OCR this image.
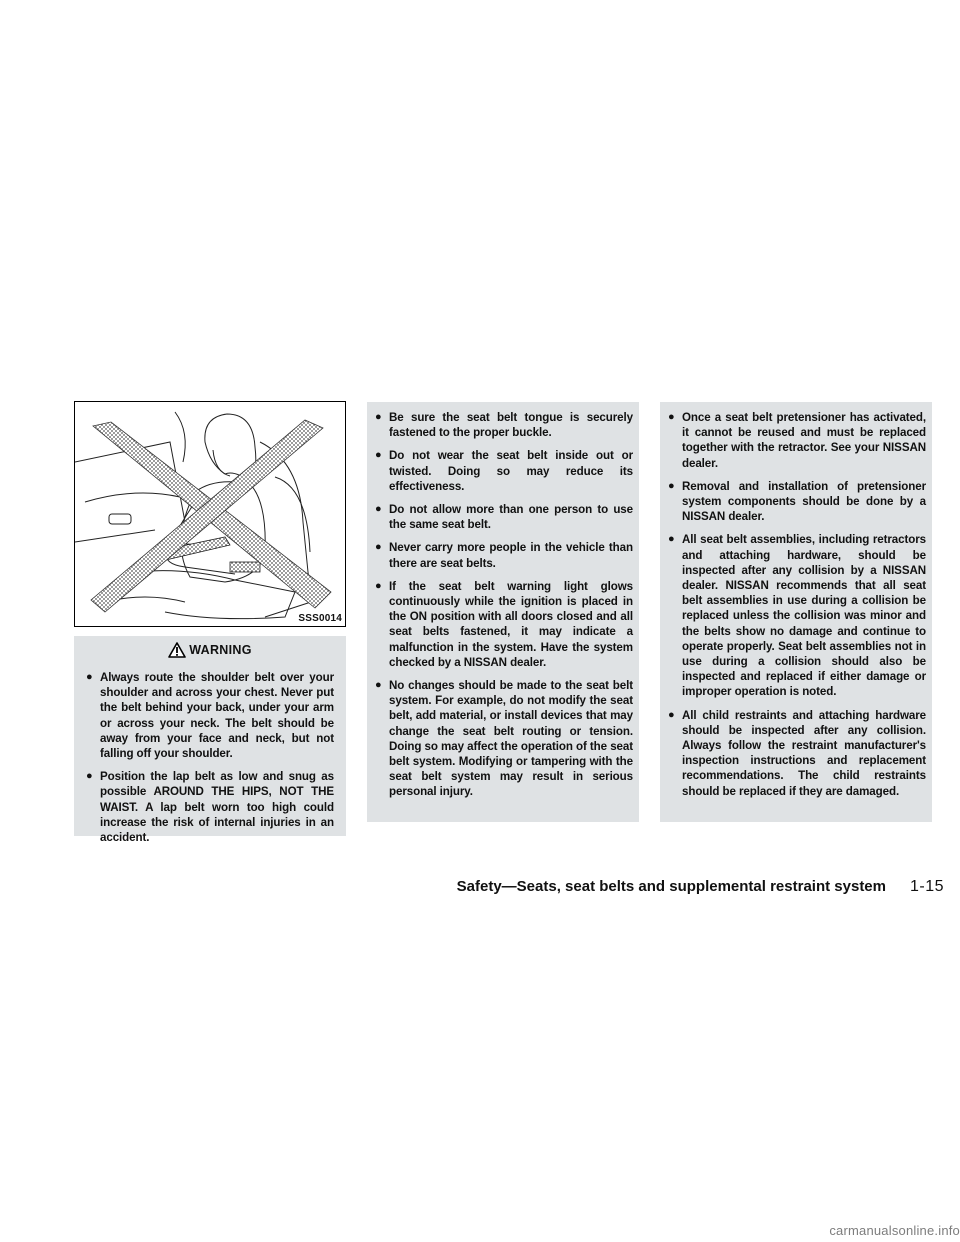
SSS0014
WARNING
● Always route the shoulder belt over your shoulder and across your chest. Never put the belt behind your back, under your arm or across your neck. The belt should be away from your face and neck, but not falling off your shoulder.
● Position the lap belt as low and snug as possible AROUND THE HIPS, NOT THE WAIST. A lap belt worn too high could increase the risk of internal injuries in an accident.
● Be sure the seat belt tongue is securely fastened to the proper buckle.
● Do not wear the seat belt inside out or twisted. Doing so may reduce its effectiveness.
● Do not allow more than one person to use the same seat belt.
● Never carry more people in the vehicle than there are seat belts.
● If the seat belt warning light glows continuously while the ignition is placed in the ON position with all doors closed and all seat belts fastened, it may indicate a malfunction in the system. Have the system checked by a NISSAN dealer.
● No changes should be made to the seat belt system. For example, do not modify the seat belt, add material, or install devices that may change the seat belt routing or tension. Doing so may affect the operation of the seat belt system. Modifying or tampering with the seat belt system may result in serious personal injury.
● Once a seat belt pretensioner has activated, it cannot be reused and must be replaced together with the retractor. See your NISSAN dealer.
● Removal and installation of pretensioner system components should be done by a NISSAN dealer.
● All seat belt assemblies, including retractors and attaching hardware, should be inspected after any collision by a NISSAN dealer. NISSAN recommends that all seat belt assemblies in use during a collision be replaced unless the collision was minor and the belts show no damage and continue to operate properly. Seat belt assemblies not in use during a collision should also be inspected and replaced if either damage or improper operation is noted.
● All child restraints and attaching hardware should be inspected after any collision. Always follow the restraint manufacturer's inspection instructions and replacement recommendations. The child restraints should be replaced if they are damaged.
Safety—Seats, seat belts and supplemental restraint system 1-15
carmanualsonline.info
